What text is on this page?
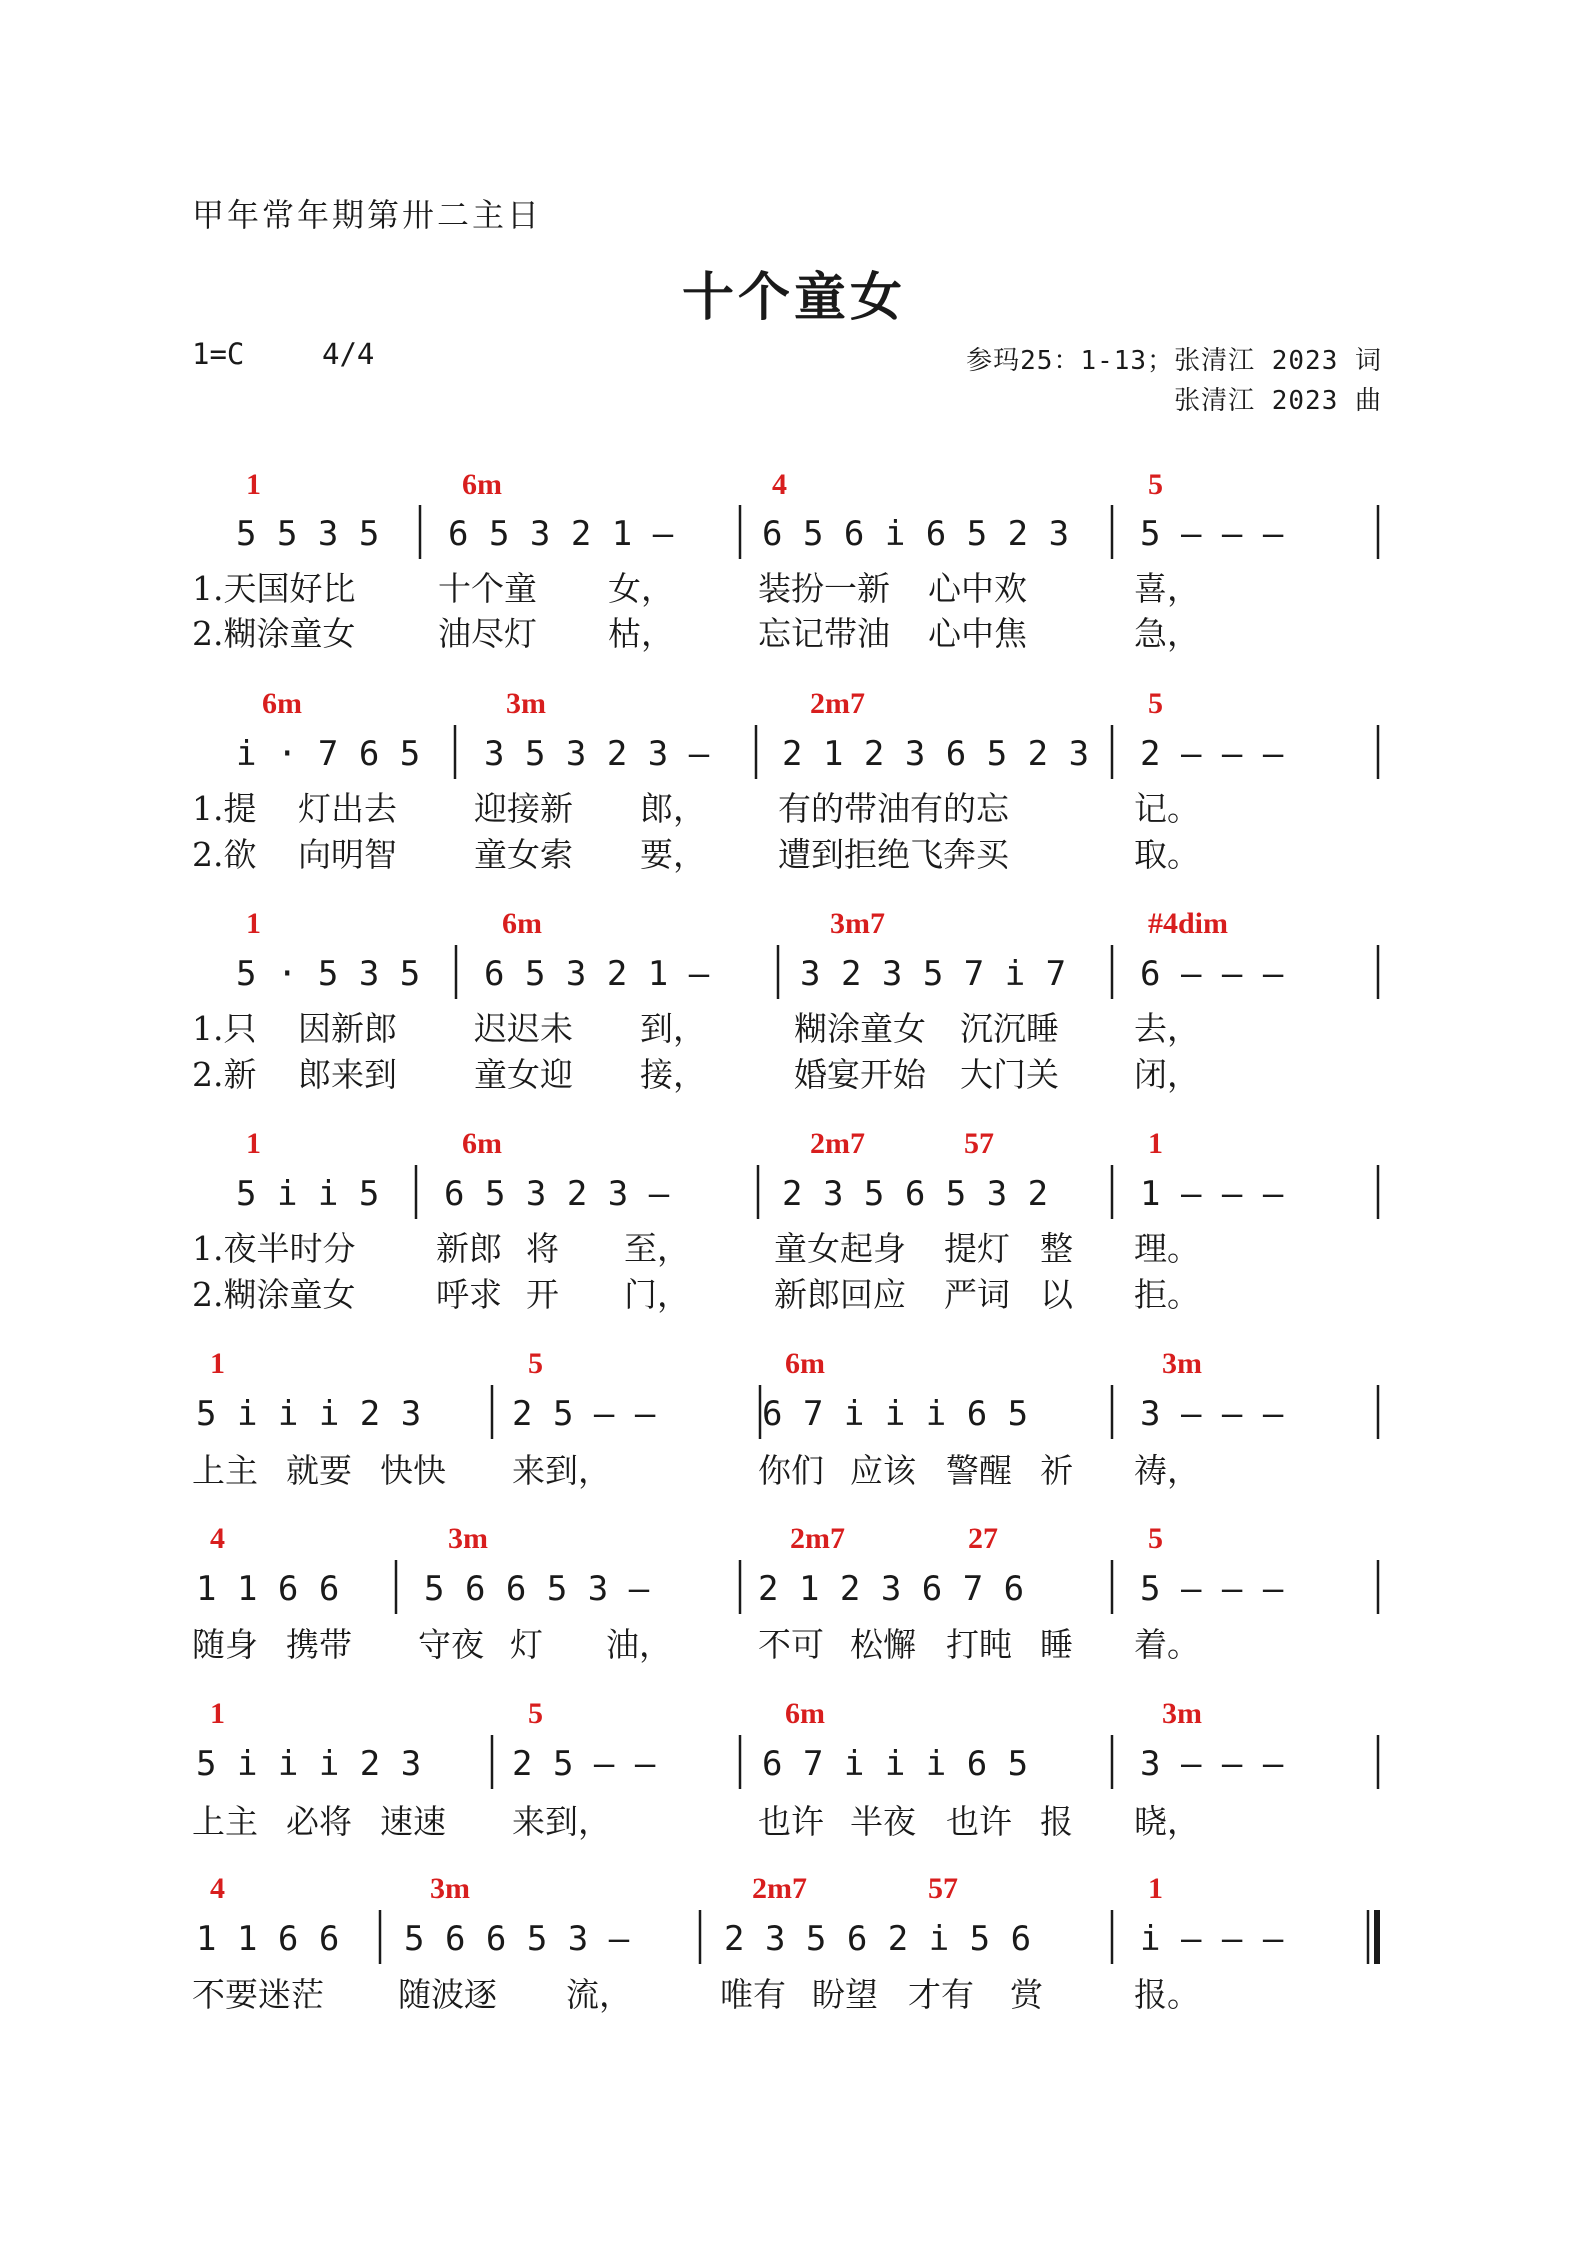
甲年常年期第卅二主日
十个童女
1=C	4/4	参玛25：1-13；张清江 2023 词
张清江 2023 曲
1	6m	4	5
5 5 3 5 6 5 3 2 1 –	6 5 6 i 6 5 2 3 5 – – –
1.天国好比	十个童 女，	装扮一新 心中欢	喜，
2.糊涂童女	油尽灯 枯，	忘记带油 心中焦	急，
6m	3m	2m7	5
i · 7 6 5 3 5 3 2 3 – 2 1 2 3 6 5 2 3 2 – – –
1.提 灯出去 迎接新 郎， 有的带油有的忘	记。
2.欲 向明智 童女索 要， 遭到拒绝飞奔买	取。
1	6m	3m7	#4dim
5 · 5 3 5 6 5 3 2 1 –	3 2 3 5 7 i 7 6 – – –
1.只 因新郎 迟迟未 到，	糊涂童女 沉沉睡 去，
2.新 郎来到 童女迎 接，	婚宴开始 大门关 闭，
1	6m	2m7	57	1
5 i i 5 6 5 3 2 3 –	2 3 5 6 5 3 2	1 – – –
1.夜半时分 新郎 将 至，	童女起身 提灯 整 理。
2.糊涂童女 呼求 开 门，	新郎回应 严词 以 拒。
1	5	6m	3m
5 i i i 2 3	2 5 – –	6 7 i i i 6 5	3 – – –
上主 就要 快快 来到，	你们 应该 警醒 祈 祷，
4	3m	2m7	27	5
1 1 6 6 5 6 6 5 3 –	2 1 2 3 6 7 6	5 – – –
随身 携带 守夜 灯 油，	不可 松懈 打盹 睡 着。
1	5	6m	3m
5 i i i 2 3	2 5 – –	6 7 i i i 6 5	3 – – –
上主 必将 速速 来到，	也许 半夜 也许 报 晓，
4	3m	2m7	57	1
1 1 6 6 5 6 6 5 3 –	2 3 5 6 2 i 5 6	i – – –
不要迷茫 随波逐 流，	唯有 盼望 才有 赏	报。
